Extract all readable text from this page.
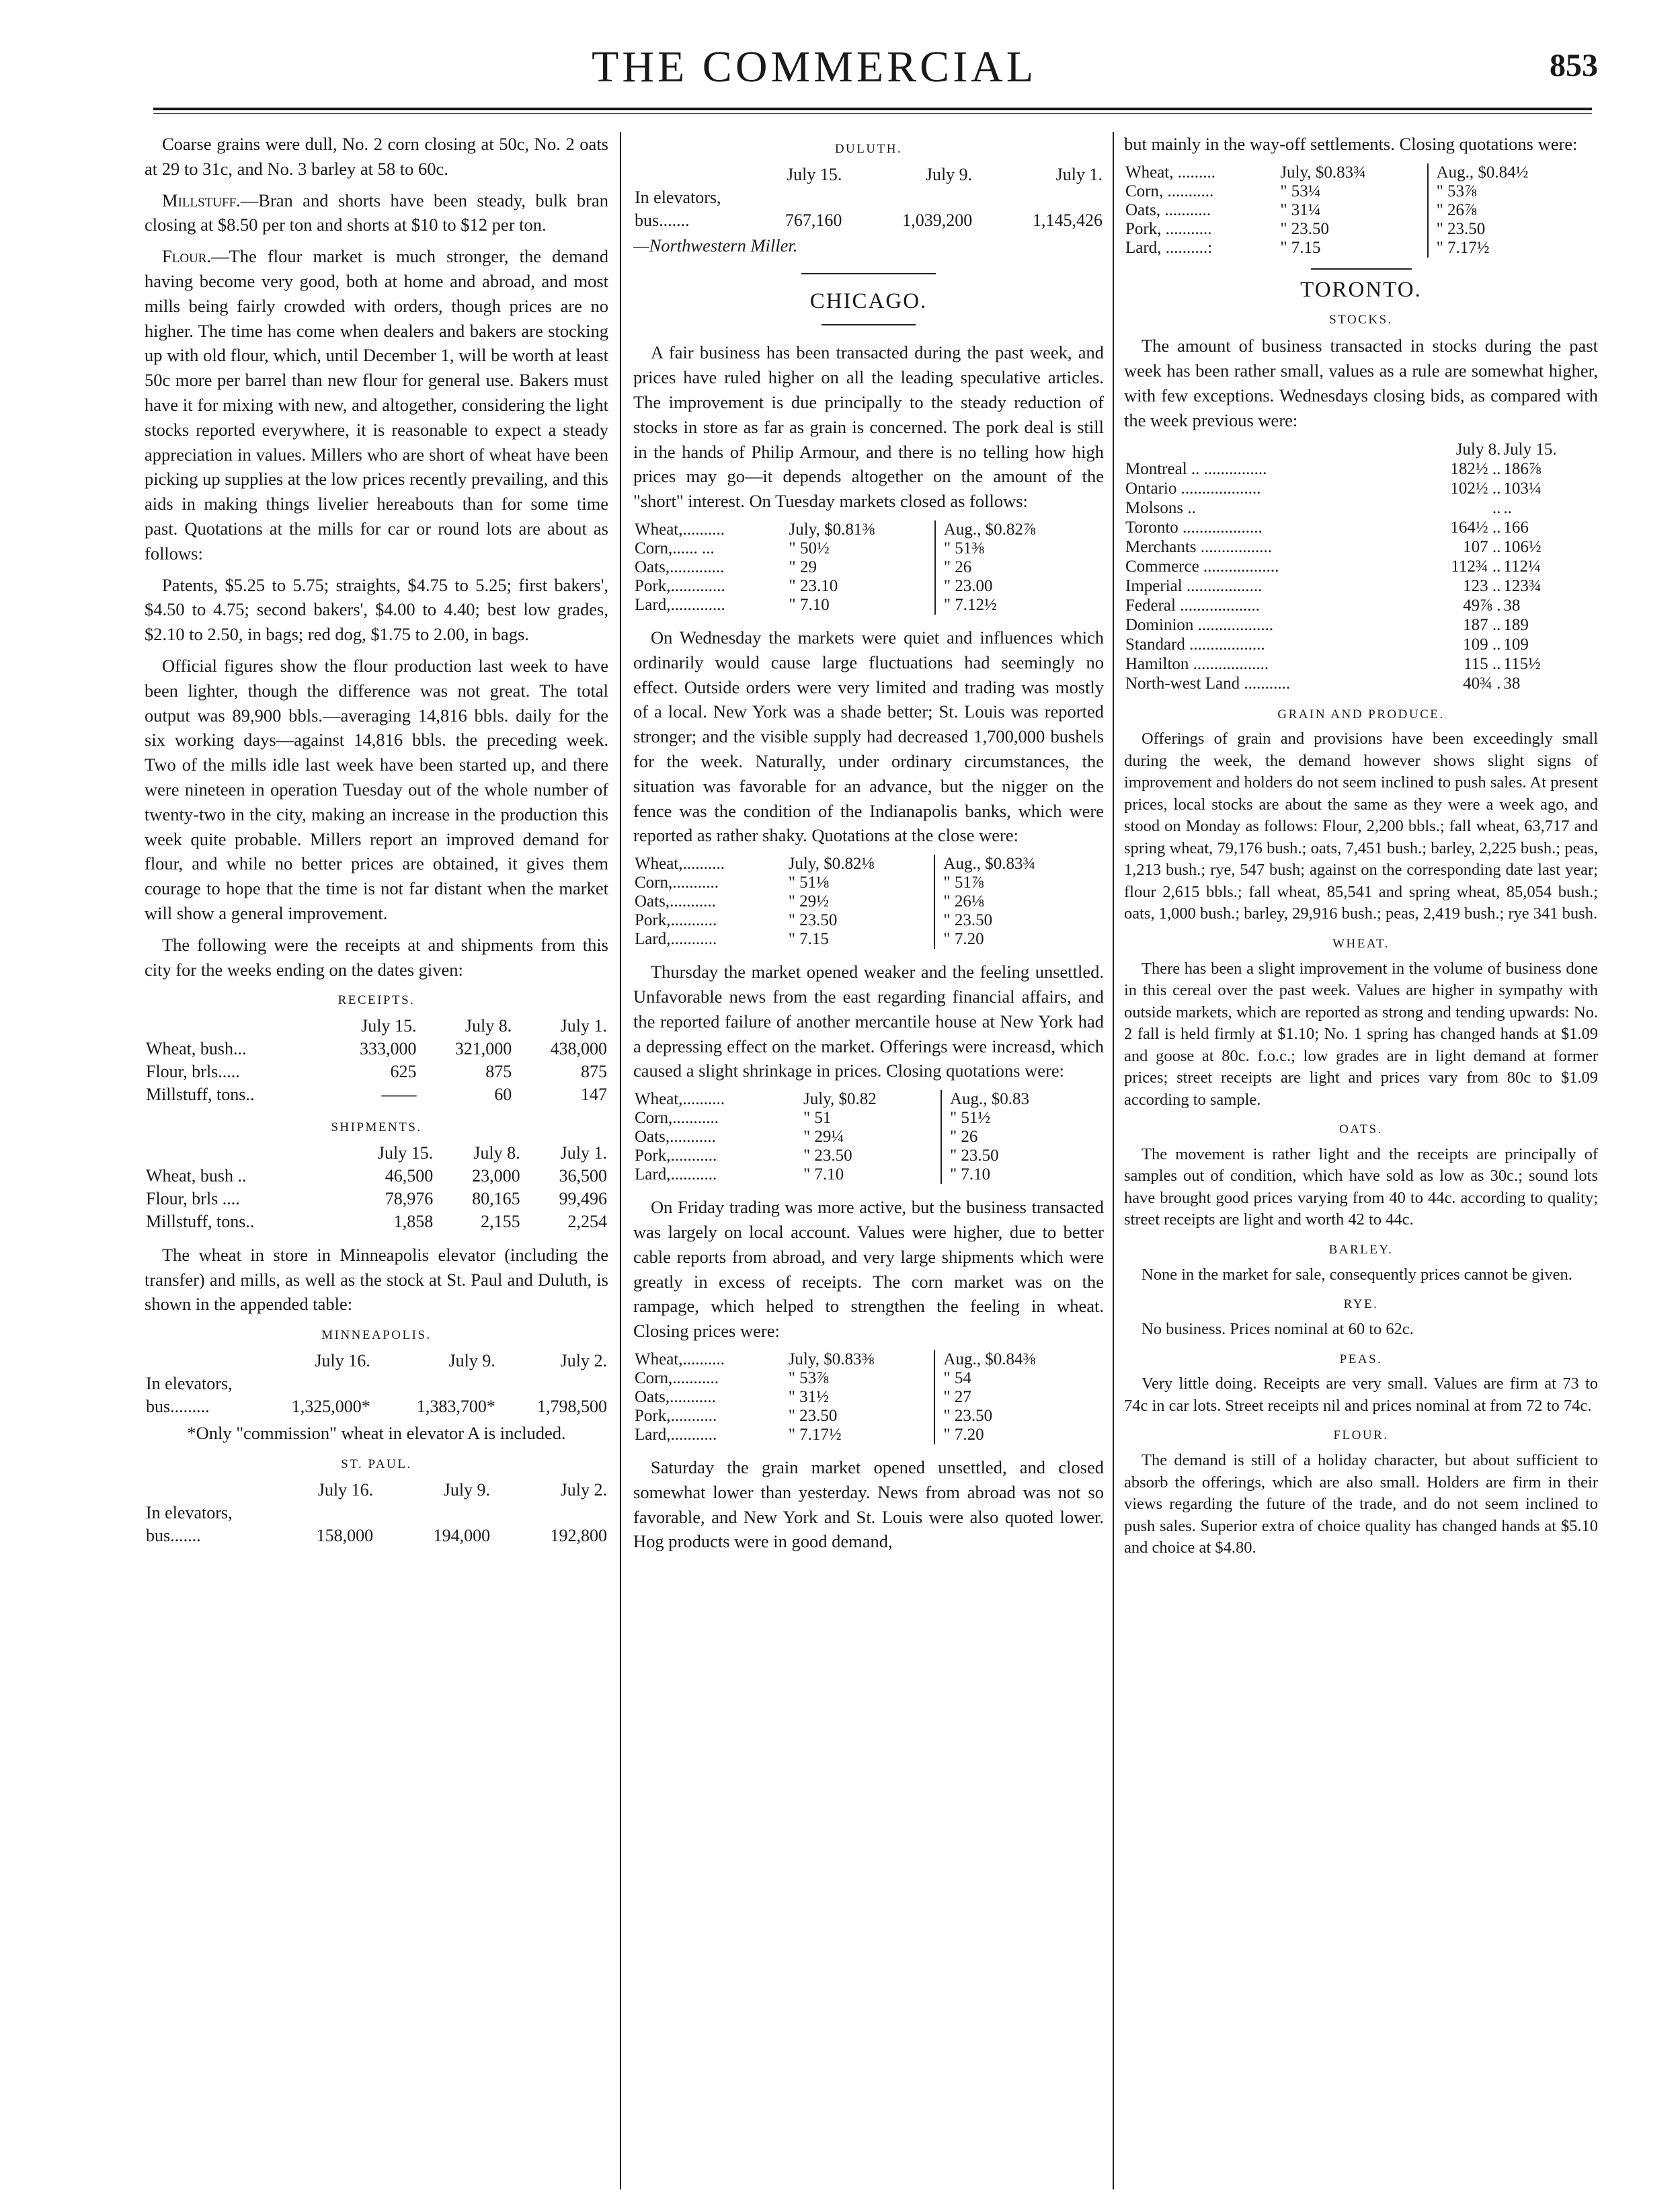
THE COMMERCIAL	853

Coarse grains were dull, No. 2 corn closing at 50c, No. 2 oats at 29 to 31c, and No. 3 barley at 58 to 60c.

Millstuff.—Bran and shorts have been steady, bulk bran closing at $8.50 per ton and shorts at $10 to $12 per ton.

Flour.—The flour market is much stronger, the demand having become very good, both at home and abroad, and most mills being fairly crowded with orders, though prices are no higher. The time has come when dealers and bakers are stocking up with old flour, which, until December 1, will be worth at least 50c more per barrel than new flour for general use. Bakers must have it for mixing with new, and altogether, considering the light stocks reported everywhere, it is reasonable to expect a steady appreciation in values. Millers who are short of wheat have been picking up supplies at the low prices recently prevailing, and this aids in making things livelier hereabouts than for some time past. Quotations at the mills for car or round lots are about as follows:

Patents, $5.25 to 5.75; straights, $4.75 to 5.25; first bakers', $4.50 to 4.75; second bakers', $4.00 to 4.40; best low grades, $2.10 to 2.50, in bags; red dog, $1.75 to 2.00, in bags.

Official figures show the flour production last week to have been lighter, though the difference was not great. The total output was 89,900 bbls.—averaging 14,816 bbls. daily for the six working days—against 14,816 bbls. the preceding week. Two of the mills idle last week have been started up, and there were nineteen in operation Tuesday out of the whole number of twenty-two in the city, making an increase in the production this week quite probable. Millers report an improved demand for flour, and while no better prices are obtained, it gives them courage to hope that the time is not far distant when the market will show a general improvement.

The following were the receipts at and shipments from this city for the weeks ending on the dates given:

RECEIPTS.
	July 15.	July 8.	July 1.
Wheat, bush...	333,000	321,000	438,000
Flour, brls.....	625	875	875
Millstuff, tons..	——	60	147
SHIPMENTS.
	July 15.	July 8.	July 1.
Wheat, bush ..	46,500	23,000	36,500
Flour, brls ....	78,976	80,165	99,496
Millstuff, tons..	1,858	2,155	2,254

The wheat in store in Minneapolis elevator (including the transfer) and mills, as well as the stock at St. Paul and Duluth, is shown in the appended table:

MINNEAPOLIS.
	July 16.	July 9.	July 2.
In elevators,			
bus.........	1,325,000*	1,383,700*	1,798,500
*Only "commission" wheat in elevator A is included.
ST. PAUL.
	July 16.	July 9.	July 2.
In elevators,			
bus.......	158,000	194,000	192,800
DULUTH.
	July 15.	July 9.	July 1.
In elevators,			
bus.......	767,160	1,039,200	1,145,426
—Northwestern Miller.
CHICAGO.

A fair business has been transacted during the past week, and prices have ruled higher on all the leading speculative articles. The improvement is due principally to the steady reduction of stocks in store as far as grain is concerned. The pork deal is still in the hands of Philip Armour, and there is no telling how high prices may go—it depends altogether on the amount of the "short" interest. On Tuesday markets closed as follows:

Wheat,..........	July, $0.81⅜	Aug., $0.82⅞
Corn,...... ...	" 50½	" 51⅜
Oats,.............	" 29	" 26
Pork,.............	" 23.10	" 23.00
Lard,.............	" 7.10	" 7.12½

On Wednesday the markets were quiet and influences which ordinarily would cause large fluctuations had seemingly no effect. Outside orders were very limited and trading was mostly of a local. New York was a shade better; St. Louis was reported stronger; and the visible supply had decreased 1,700,000 bushels for the week. Naturally, under ordinary circumstances, the situation was favorable for an advance, but the nigger on the fence was the condition of the Indianapolis banks, which were reported as rather shaky. Quotations at the close were:

Wheat,..........	July, $0.82⅛	Aug., $0.83¾
Corn,...........	" 51⅛	" 51⅞
Oats,...........	" 29½	" 26⅛
Pork,...........	" 23.50	" 23.50
Lard,...........	" 7.15	" 7.20

Thursday the market opened weaker and the feeling unsettled. Unfavorable news from the east regarding financial affairs, and the reported failure of another mercantile house at New York had a depressing effect on the market. Offerings were increasd, which caused a slight shrinkage in prices. Closing quotations were:

Wheat,..........	July, $0.82	Aug., $0.83
Corn,...........	" 51	" 51½
Oats,...........	" 29¼	" 26
Pork,...........	" 23.50	" 23.50
Lard,...........	" 7.10	" 7.10

On Friday trading was more active, but the business transacted was largely on local account. Values were higher, due to better cable reports from abroad, and very large shipments which were greatly in excess of receipts. The corn market was on the rampage, which helped to strengthen the feeling in wheat. Closing prices were:

Wheat,..........	July, $0.83⅜	Aug., $0.84⅜
Corn,...........	" 53⅞	" 54
Oats,...........	" 31½	" 27
Pork,...........	" 23.50	" 23.50
Lard,...........	" 7.17½	" 7.20

Saturday the grain market opened unsettled, and closed somewhat lower than yesterday. News from abroad was not so favorable, and New York and St. Louis were also quoted lower. Hog products were in good demand,

but mainly in the way-off settlements. Closing quotations were:

Wheat, .........	July, $0.83¾	Aug., $0.84½
Corn, ...........	" 53¼	" 53⅞
Oats, ...........	" 31¼	" 26⅞
Pork, ...........	" 23.50	" 23.50
Lard, ..........:	" 7.15	" 7.17½
TORONTO.
STOCKS.

The amount of business transacted in stocks during the past week has been rather small, values as a rule are somewhat higher, with few exceptions. Wednesdays closing bids, as compared with the week previous were:

	July 8.	July 15.
Montreal .. ...............	182½ ..	186⅞
Ontario ...................	102½ ..	103¼
Molsons ..	..	..
Toronto ...................	164½ ..	166
Merchants .................	107 ..	106½
Commerce ..................	112¾ ..	112¼
Imperial ..................	123 ..	123¾
Federal ...................	49⅞ .	38
Dominion ..................	187 ..	189
Standard ..................	109 ..	109
Hamilton ..................	115 ..	115½
North-west Land ...........	40¾ .	38
GRAIN AND PRODUCE.

Offerings of grain and provisions have been exceedingly small during the week, the demand however shows slight signs of improvement and holders do not seem inclined to push sales. At present prices, local stocks are about the same as they were a week ago, and stood on Monday as follows: Flour, 2,200 bbls.; fall wheat, 63,717 and spring wheat, 79,176 bush.; oats, 7,451 bush.; barley, 2,225 bush.; peas, 1,213 bush.; rye, 547 bush; against on the corresponding date last year; flour 2,615 bbls.; fall wheat, 85,541 and spring wheat, 85,054 bush.; oats, 1,000 bush.; barley, 29,916 bush.; peas, 2,419 bush.; rye 341 bush.

WHEAT.

There has been a slight improvement in the volume of business done in this cereal over the past week. Values are higher in sympathy with outside markets, which are reported as strong and tending upwards: No. 2 fall is held firmly at $1.10; No. 1 spring has changed hands at $1.09 and goose at 80c. f.o.c.; low grades are in light demand at former prices; street receipts are light and prices vary from 80c to $1.09 according to sample.

OATS.

The movement is rather light and the receipts are principally of samples out of condition, which have sold as low as 30c.; sound lots have brought good prices varying from 40 to 44c. according to quality; street receipts are light and worth 42 to 44c.

BARLEY.

None in the market for sale, consequently prices cannot be given.

RYE.

No business. Prices nominal at 60 to 62c.

PEAS.

Very little doing. Receipts are very small. Values are firm at 73 to 74c in car lots. Street receipts nil and prices nominal at from 72 to 74c.

FLOUR.

The demand is still of a holiday character, but about sufficient to absorb the offerings, which are also small. Holders are firm in their views regarding the future of the trade, and do not seem inclined to push sales. Superior extra of choice quality has changed hands at $5.10 and choice at $4.80.
